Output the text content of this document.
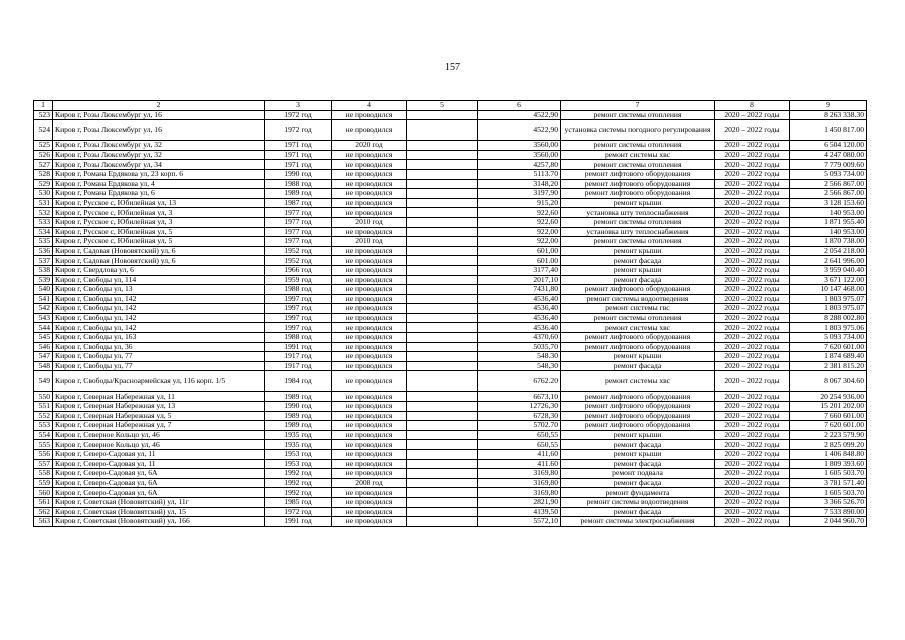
157
1	2	3	4	5	6	7	8	9
523	Киров г, Розы Люксембург ул, 16	1972 год	не проводился		4522,90	ремонт системы отопления	2020 – 2022 годы	8 263 338.30
524	Киров г, Розы Люксембург ул, 16	1972 год	не проводился		4522,90	установка системы погодного регулирования	2020 – 2022 годы	1 450 817.00
525	Киров г, Розы Люксембург ул, 32	1971 год	2020 год		3560,00	ремонт системы отопления	2020 – 2022 годы	6 504 120.00
526	Киров г, Розы Люксембург ул, 32	1971 год	не проводился		3560,00	ремонт системы хвс	2020 – 2022 годы	4 247 080.00
527	Киров г, Розы Люксембург ул, 34	1971 год	не проводился		4257,80	ремонт системы отопления	2020 – 2022 годы	7 779 009.60
528	Киров г, Романа Ердякова ул, 23 корп. 6	1990 год	не проводился		5113.70	ремонт лифтового оборудования	2020 – 2022 годы	5 093 734.00
529	Киров г, Романа Ердякова ул, 4	1988 год	не проводился		3148,20	ремонт лифтового оборудования	2020 – 2022 годы	2 566 867.00
530	Киров г, Романа Ердякова ул, 6	1989 год	не проводился		3197,90	ремонт лифтового оборудования	2020 – 2022 годы	2 566 867.00
531	Киров г, Русское с, Юбилейная ул, 13	1987 год	не проводился		915,20	ремонт крыши	2020 – 2022 годы	3 128 153.60
532	Киров г, Русское с, Юбилейная ул, 3	1977 год	не проводился		922,60	установка шту теплоснабжения	2020 – 2022 годы	140 953.00
533	Киров г, Русское с, Юбилейная ул, 3	1977 год	2010 год		922,60	ремонт системы отопления	2020 – 2022 годы	1 871 955.40
534	Киров г, Русское с, Юбилейная ул, 5	1977 год	не проводился		922,00	установка шту теплоснабжения	2020 – 2022 годы	140 953.00
535	Киров г, Русское с, Юбилейная ул, 5	1977 год	2010 год		922,00	ремонт системы отопления	2020 – 2022 годы	1 870 738.00
536	Киров г, Садовая (Нововятский) ул, 6	1952 год	не проводился		601,00	ремонт крыши	2020 – 2022 годы	2 054 218.00
537	Киров г, Садовая (Нововятский) ул, 6	1952 год	не проводился		601.00	ремонт фасада	2020 – 2022 годы	2 641 996.00
538	Киров г, Свердлова ул, 6	1966 год	не проводился		3177,40	ремонт крыши	2020 – 2022 годы	3 959 040.40
539	Киров г, Свободы ул, 114	1959 год	не проводился		2017,10	ремонт фасада	2020 – 2022 годы	3 671 122.00
540	Киров г, Свободы ул, 13	1988 год	не проводился		7431,80	ремонт лифтового оборудования	2020 – 2022 годы	10 147 468.00
541	Киров г, Свободы ул, 142	1997 год	не проводился		4536,40	ремонт системы водоотведения	2020 – 2022 годы	1 803 975.07
542	Киров г, Свободы ул, 142	1997 год	не проводился		4536,40	ремонт системы гвс	2020 – 2022 годы	1 803 975.07
543	Киров г, Свободы ул, 142	1997 год	не проводился		4536,40	ремонт системы отопления	2020 – 2022 годы	8 288 002.80
544	Киров г, Свободы ул, 142	1997 год	не проводился		4536.40	ремонт системы хвс	2020 – 2022 годы	1 803 975.06
545	Киров г, Свободы ул, 163	1988 год	не проводился		4370,60	ремонт лифтового оборудования	2020 – 2022 годы	5 093 734.00
546	Киров г, Свободы ул, 36	1991 год	не проводился		5035,70	ремонт лифтового оборудования	2020 – 2022 годы	7 620 601.00
547	Киров г, Свободы ул, 77	1917 год	не проводился		548.30	ремонт крыши	2020 – 2022 годы	1 874 689.40
548	Киров г, Свободы ул, 77	1917 год	не проводился		548,30	ремонт фасада	2020 – 2022 годы	2 381 815.20
549	Киров г, Свободы/Красноармейская ул, 116 корп. 1/5	1984 год	не проводился		6762.20	ремонт системы хвс	2020 – 2022 годы	8 067 304.60
550	Киров г, Северная Набережная ул, 11	1989 год	не проводился		6673,10	ремонт лифтового оборудования	2020 – 2022 годы	20 254 936.00
551	Киров г, Северная Набережная ул, 13	1990 год	не проводился		12726,30	ремонт лифтового оборудования	2020 – 2022 годы	15 201 202.00
552	Киров г, Северная Набережная ул, 5	1989 год	не проводился		6728,30	ремонт лифтового оборудования	2020 – 2022 годы	7 660 601.00
553	Киров г, Северная Набережная ул, 7	1989 год	не проводился		5702.70	ремонт лифтового оборудования	2020 – 2022 годы	7 620 601.00
554	Киров г, Северное Кольцо ул, 46	1935 год	не проводился		650,55	ремонт крыши	2020 – 2022 годы	2 223 579.90
555	Киров г, Северное Кольцо ул, 46	1935 год	не проводился		650,55	ремонт фасада	2020 – 2022 годы	2 825 099.20
556	Киров г, Северо-Садовая ул, 11	1953 год	не проводился		411,60	ремонт крыши	2020 – 2022 годы	1 406 848.80
557	Киров г, Северо-Садовая ул, 11	1953 год	не проводился		411.60	ремонт фасада	2020 – 2022 годы	1 809 393.60
558	Киров г, Северо-Садовая ул, 6А	1992 год	не проводился		3169,80	ремонт подвала	2020 – 2022 годы	1 605 503.70
559	Киров г, Северо-Садовая ул, 6А	1992 год	2008 год		3169,80	ремонт фасада	2020 – 2022 годы	3 781 571.40
560	Киров г, Северо-Садовая ул, 6А	1992 год	не проводился		3169,80	ремонт фундамента	2020 – 2022 годы	1 605 503.70
561	Киров г, Советская (Нововятский) ул, 11г	1985 год	не проводился		2821,90	ремонт системы водоотведения	2020 – 2022 годы	3 366 526.70
562	Киров г, Советская (Нововятский) ул, 15	1972 год	не проводился		4139,50	ремонт фасада	2020 – 2022 годы	7 533 890.00
563	Киров г, Советская (Нововятский) ул, 166	1991 год	не проводился		5572,10	ремонт системы электроснабжения	2020 – 2022 годы	2 044 960.70
